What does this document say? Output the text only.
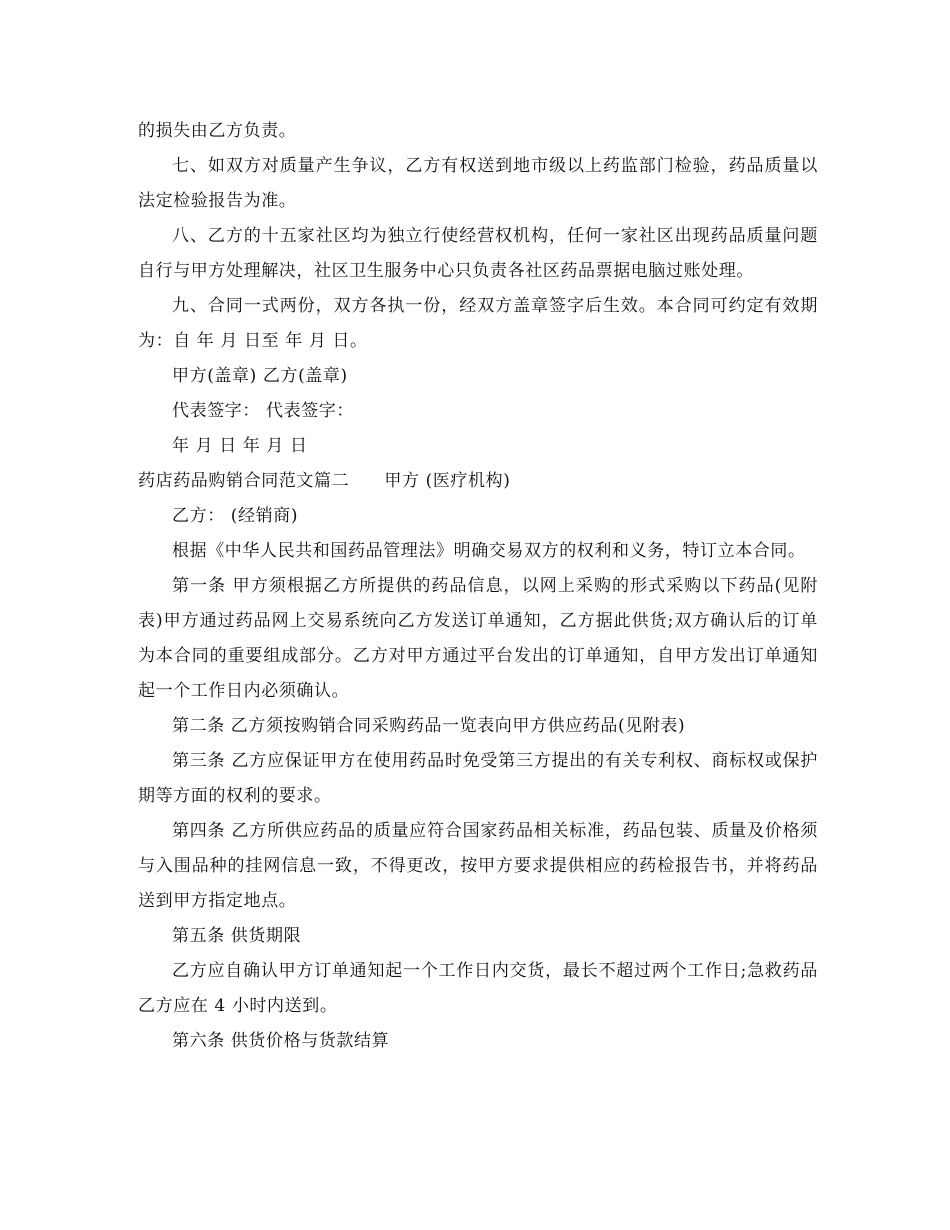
的损失由乙方负责。

七、如双方对质量产生争议，乙方有权送到地市级以上药监部门检验，药品质量以法定检验报告为准。

八、乙方的十五家社区均为独立行使经营权机构，任何一家社区出现药品质量问题自行与甲方处理解决，社区卫生服务中心只负责各社区药品票据电脑过账处理。

九、合同一式两份，双方各执一份，经双方盖章签字后生效。本合同可约定有效期为：自 年 月 日至 年 月 日。

甲方(盖章) 乙方(盖章)

代表签字： 代表签字：

年 月 日 年 月 日

药店药品购销合同范文篇二　　甲方 (医疗机构)

乙方： (经销商)

根据《中华人民共和国药品管理法》明确交易双方的权利和义务，特订立本合同。

第一条 甲方须根据乙方所提供的药品信息，以网上采购的形式采购以下药品(见附表)甲方通过药品网上交易系统向乙方发送订单通知，乙方据此供货;双方确认后的订单为本合同的重要组成部分。乙方对甲方通过平台发出的订单通知，自甲方发出订单通知起一个工作日内必须确认。

第二条 乙方须按购销合同采购药品一览表向甲方供应药品(见附表)

第三条 乙方应保证甲方在使用药品时免受第三方提出的有关专利权、商标权或保护期等方面的权利的要求。

第四条 乙方所供应药品的质量应符合国家药品相关标准，药品包装、质量及价格须与入围品种的挂网信息一致，不得更改，按甲方要求提供相应的药检报告书，并将药品送到甲方指定地点。

第五条 供货期限

乙方应自确认甲方订单通知起一个工作日内交货，最长不超过两个工作日;急救药品乙方应在 4 小时内送到。

第六条 供货价格与货款结算
